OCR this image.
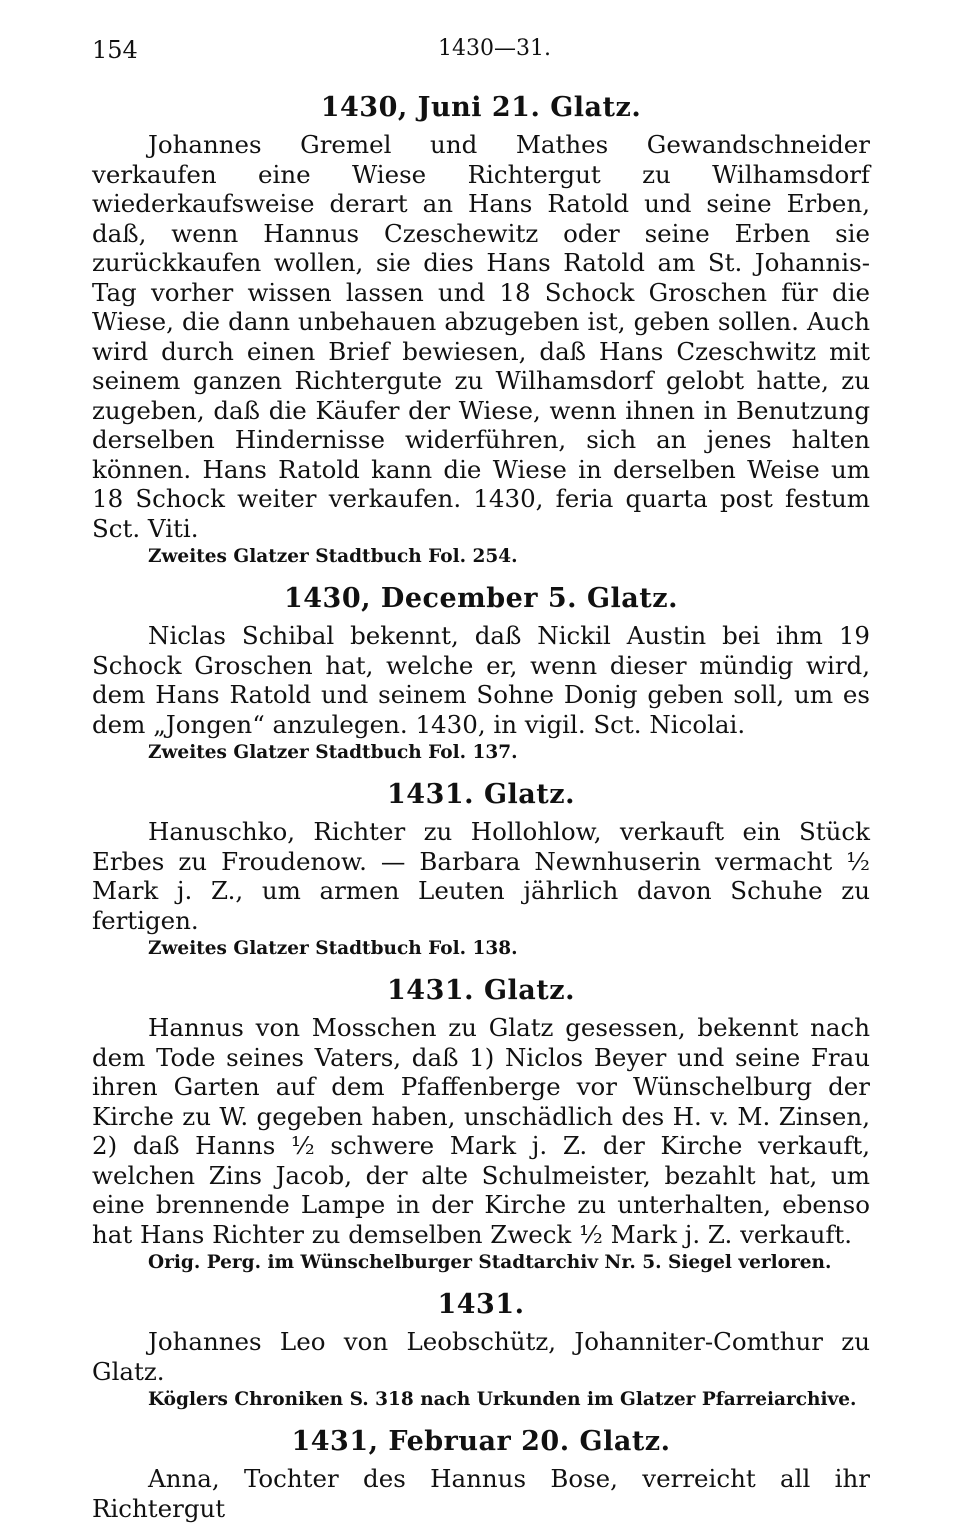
154	1430—31.
1430, Juni 21. Glatz.

Johannes Gremel und Mathes Gewandschneider verkaufen eine Wiese Richtergut zu Wilhamsdorf wiederkaufsweise derart an Hans Ratold und seine Erben, daß, wenn Hannus Czeschewitz oder seine Erben sie zurückkaufen wollen, sie dies Hans Ratold am St. Johannis-Tag vorher wissen lassen und 18 Schock Groschen für die Wiese, die dann unbehauen abzugeben ist, geben sollen. Auch wird durch einen Brief bewiesen, daß Hans Czeschwitz mit seinem ganzen Richtergute zu Wilhamsdorf gelobt hatte, zu zugeben, daß die Käufer der Wiese, wenn ihnen in Benutzung derselben Hindernisse widerführen, sich an jenes halten können. Hans Ratold kann die Wiese in derselben Weise um 18 Schock weiter verkaufen. 1430, feria quarta post festum Sct. Viti.

Zweites Glatzer Stadtbuch Fol. 254.
1430, December 5. Glatz.

Niclas Schibal bekennt, daß Nickil Austin bei ihm 19 Schock Groschen hat, welche er, wenn dieser mündig wird, dem Hans Ratold und seinem Sohne Donig geben soll, um es dem „Jongen“ anzulegen. 1430, in vigil. Sct. Nicolai.

Zweites Glatzer Stadtbuch Fol. 137.
1431. Glatz.

Hanuschko, Richter zu Hollohlow, verkauft ein Stück Erbes zu Froudenow. — Barbara Newnhuserin vermacht ½ Mark j. Z., um armen Leuten jährlich davon Schuhe zu fertigen.

Zweites Glatzer Stadtbuch Fol. 138.
1431. Glatz.

Hannus von Mosschen zu Glatz gesessen, bekennt nach dem Tode seines Vaters, daß 1) Niclos Beyer und seine Frau ihren Garten auf dem Pfaffenberge vor Wünschelburg der Kirche zu W. gegeben haben, unschädlich des H. v. M. Zinsen, 2) daß Hanns ½ schwere Mark j. Z. der Kirche verkauft, welchen Zins Jacob, der alte Schulmeister, bezahlt hat, um eine brennende Lampe in der Kirche zu unterhalten, ebenso hat Hans Richter zu demselben Zweck ½ Mark j. Z. verkauft.

Orig. Perg. im Wünschelburger Stadtarchiv Nr. 5. Siegel verloren.
1431.

Johannes Leo von Leobschütz, Johanniter-Comthur zu Glatz.

Köglers Chroniken S. 318 nach Urkunden im Glatzer Pfarreiarchive.
1431, Februar 20. Glatz.

Anna, Tochter des Hannus Bose, verreicht all ihr Richtergut
